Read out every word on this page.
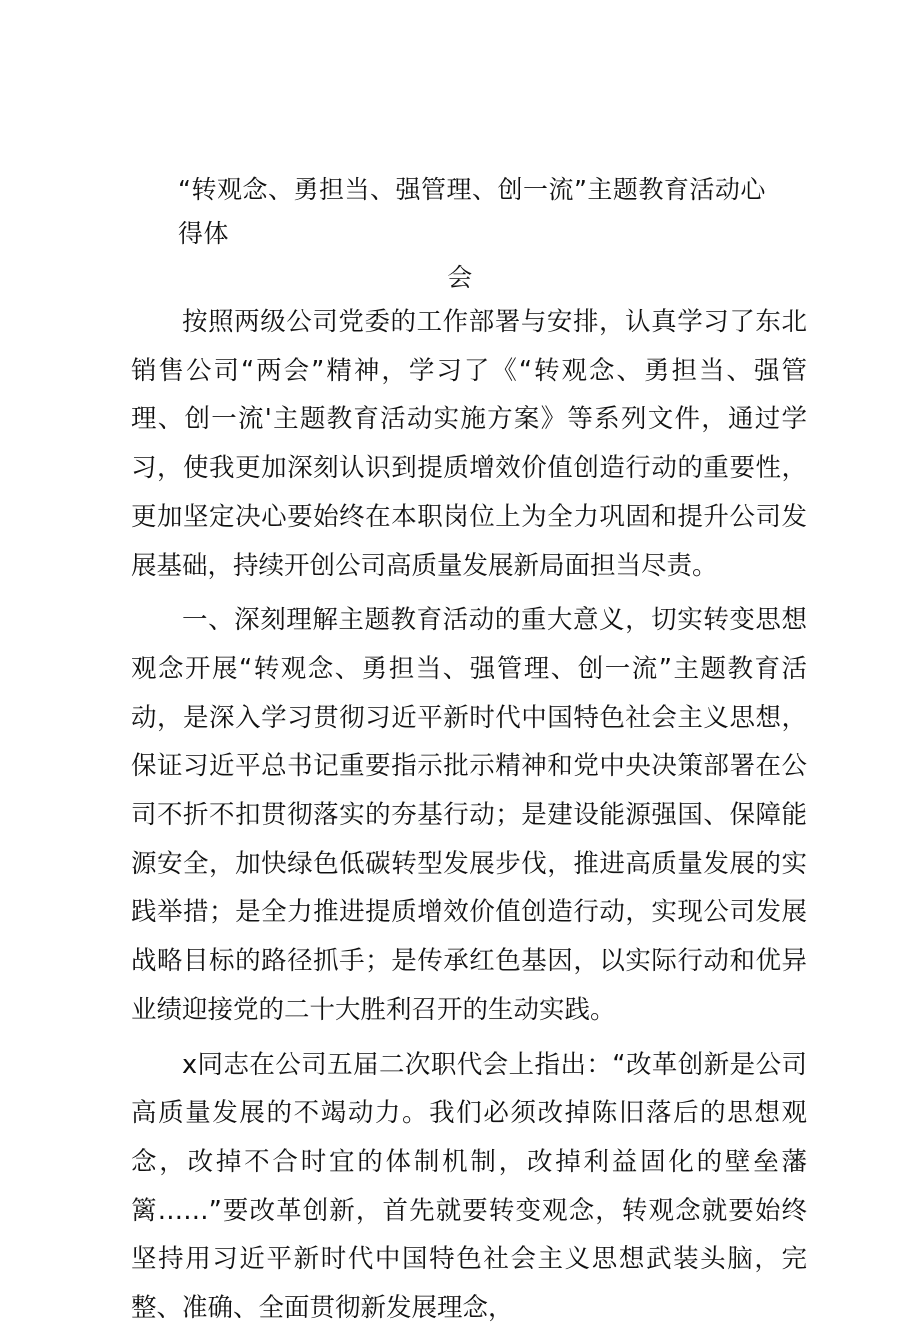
“转观念、勇担当、强管理、创一流”主题教育活动心得体
会

按照两级公司党委的工作部署与安排，认真学习了东北销售公司“两会”精神，学习了《“转观念、勇担当、强管理、创一流'主题教育活动实施方案》等系列文件，通过学习，使我更加深刻认识到提质增效价值创造行动的重要性，更加坚定决心要始终在本职岗位上为全力巩固和提升公司发展基础，持续开创公司高质量发展新局面担当尽责。

一、深刻理解主题教育活动的重大意义，切实转变思想观念开展“转观念、勇担当、强管理、创一流”主题教育活动，是深入学习贯彻习近平新时代中国特色社会主义思想，保证习近平总书记重要指示批示精神和党中央决策部署在公司不折不扣贯彻落实的夯基行动；是建设能源强国、保障能源安全，加快绿色低碳转型发展步伐，推进高质量发展的实践举措；是全力推进提质增效价值创造行动，实现公司发展战略目标的路径抓手；是传承红色基因，以实际行动和优异业绩迎接党的二十大胜利召开的生动实践。

x同志在公司五届二次职代会上指出：“改革创新是公司高质量发展的不竭动力。我们必须改掉陈旧落后的思想观念，改掉不合时宜的体制机制，改掉利益固化的壁垒藩篱……”要改革创新，首先就要转变观念，转观念就要始终坚持用习近平新时代中国特色社会主义思想武装头脑，完整、准确、全面贯彻新发展理念，
